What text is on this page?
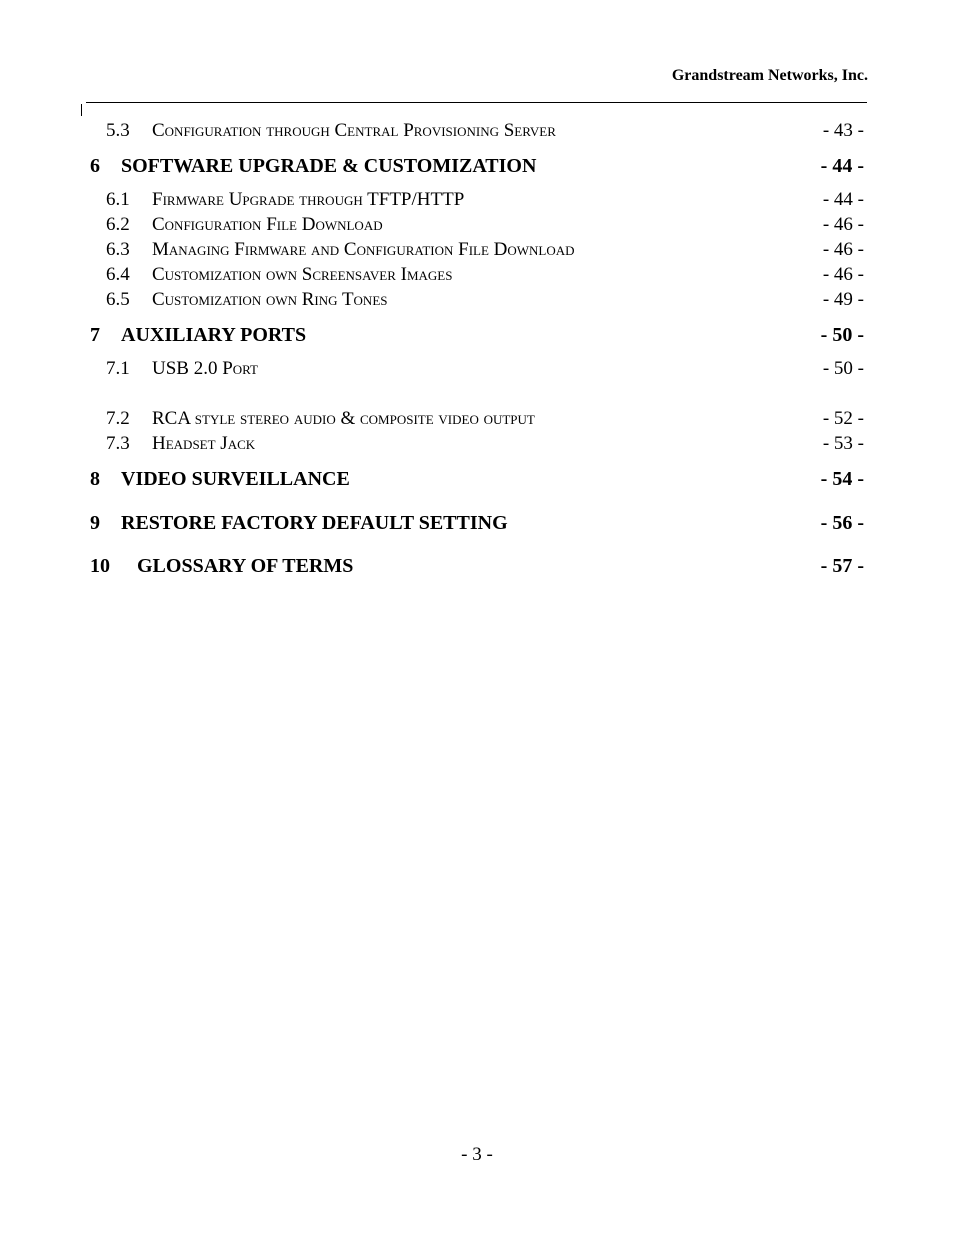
Grandstream Networks, Inc.
5.3 Configuration through Central Provisioning Server	- 43 -
6 SOFTWARE UPGRADE & CUSTOMIZATION	- 44 -
6.1 Firmware Upgrade through TFTP/HTTP	- 44 -
6.2 Configuration File Download	- 46 -
6.3 Managing Firmware and Configuration File Download	- 46 -
6.4 Customization own Screensaver Images	- 46 -
6.5 Customization own Ring Tones	- 49 -
7 AUXILIARY PORTS	- 50 -
7.1 USB 2.0 Port	- 50 -
7.2 RCA style stereo audio & composite video output	- 52 -
7.3 Headset Jack	- 53 -
8 VIDEO SURVEILLANCE	- 54 -
9 RESTORE FACTORY DEFAULT SETTING	- 56 -
10 GLOSSARY OF TERMS	- 57 -
- 3 -
